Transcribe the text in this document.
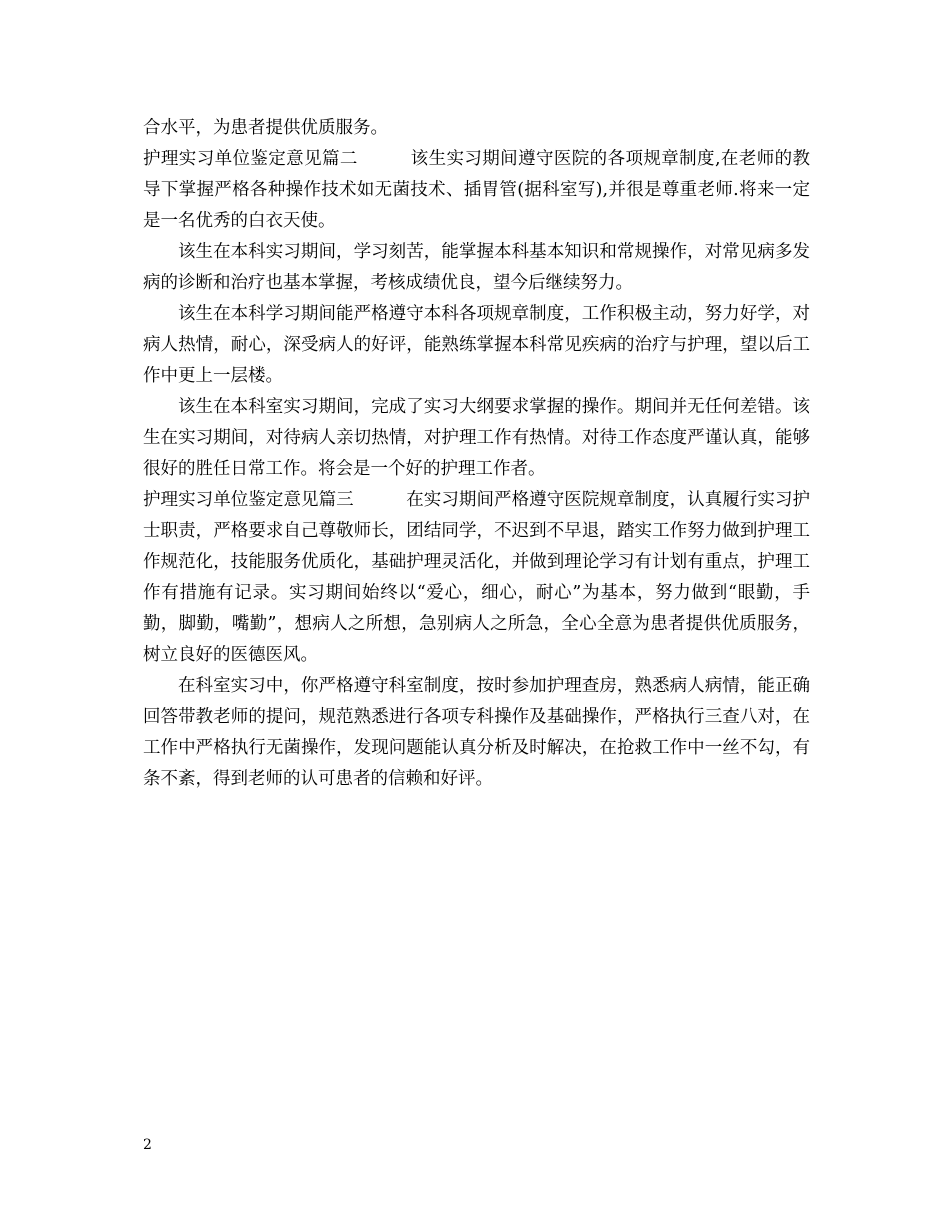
合水平，为患者提供优质服务。

护理实习单位鉴定意见篇二	该生实习期间遵守医院的各项规章制度,在老师的教导下掌握严格各种操作技术如无菌技术、插胃管(据科室写),并很是尊重老师.将来一定是一名优秀的白衣天使。

该生在本科实习期间，学习刻苦，能掌握本科基本知识和常规操作，对常见病多发病的诊断和治疗也基本掌握，考核成绩优良，望今后继续努力。

该生在本科学习期间能严格遵守本科各项规章制度，工作积极主动，努力好学，对病人热情，耐心，深受病人的好评，能熟练掌握本科常见疾病的治疗与护理，望以后工作中更上一层楼。

该生在本科室实习期间，完成了实习大纲要求掌握的操作。期间并无任何差错。该生在实习期间，对待病人亲切热情，对护理工作有热情。对待工作态度严谨认真，能够很好的胜任日常工作。将会是一个好的护理工作者。

护理实习单位鉴定意见篇三	在实习期间严格遵守医院规章制度，认真履行实习护士职责，严格要求自己尊敬师长，团结同学，不迟到不早退，踏实工作努力做到护理工作规范化，技能服务优质化，基础护理灵活化，并做到理论学习有计划有重点，护理工作有措施有记录。实习期间始终以“爱心，细心，耐心”为基本，努力做到“眼勤，手勤，脚勤，嘴勤”，想病人之所想，急别病人之所急，全心全意为患者提供优质服务，树立良好的医德医风。

在科室实习中，你严格遵守科室制度，按时参加护理查房，熟悉病人病情，能正确回答带教老师的提问，规范熟悉进行各项专科操作及基础操作，严格执行三查八对，在工作中严格执行无菌操作，发现问题能认真分析及时解决，在抢救工作中一丝不勾，有条不紊，得到老师的认可患者的信赖和好评。

2
